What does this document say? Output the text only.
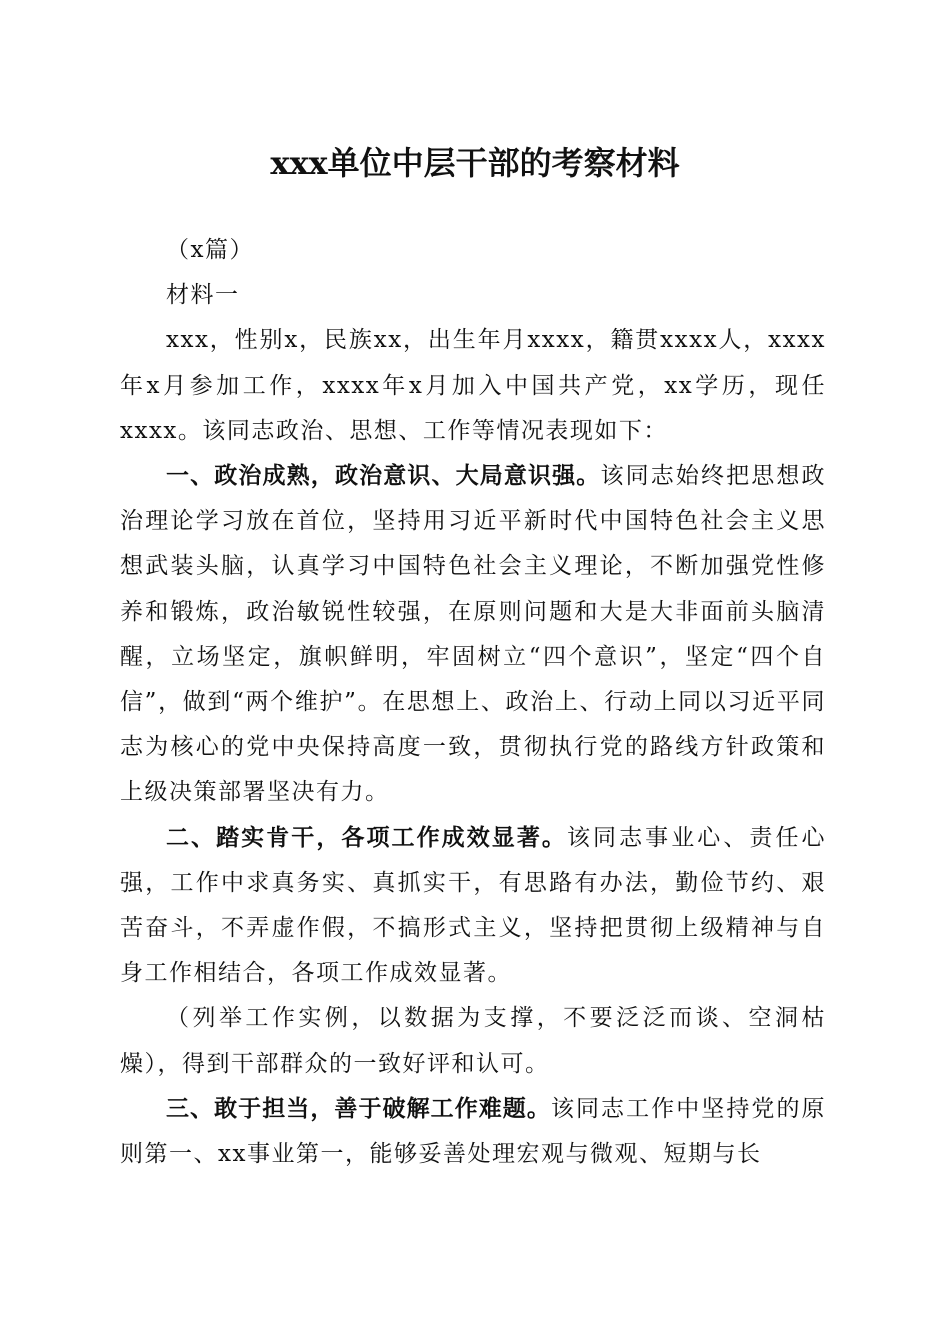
xxx单位中层干部的考察材料

（x篇）

材料一

xxx，性别x，民族xx，出生年月xxxx，籍贯xxxx人，xxxx年x月参加工作，xxxx年x月加入中国共产党，xx学历，现任xxxx。该同志政治、思想、工作等情况表现如下：

一、政治成熟，政治意识、大局意识强。该同志始终把思想政治理论学习放在首位，坚持用习近平新时代中国特色社会主义思想武装头脑，认真学习中国特色社会主义理论，不断加强党性修养和锻炼，政治敏锐性较强，在原则问题和大是大非面前头脑清醒，立场坚定，旗帜鲜明，牢固树立“四个意识”，坚定“四个自信”，做到“两个维护”。在思想上、政治上、行动上同以习近平同志为核心的党中央保持高度一致，贯彻执行党的路线方针政策和上级决策部署坚决有力。

二、踏实肯干，各项工作成效显著。该同志事业心、责任心强，工作中求真务实、真抓实干，有思路有办法，勤俭节约、艰苦奋斗，不弄虚作假，不搞形式主义，坚持把贯彻上级精神与自身工作相结合，各项工作成效显著。

（列举工作实例，以数据为支撑，不要泛泛而谈、空洞枯燥），得到干部群众的一致好评和认可。

三、敢于担当，善于破解工作难题。该同志工作中坚持党的原则第一、xx事业第一，能够妥善处理宏观与微观、短期与长
